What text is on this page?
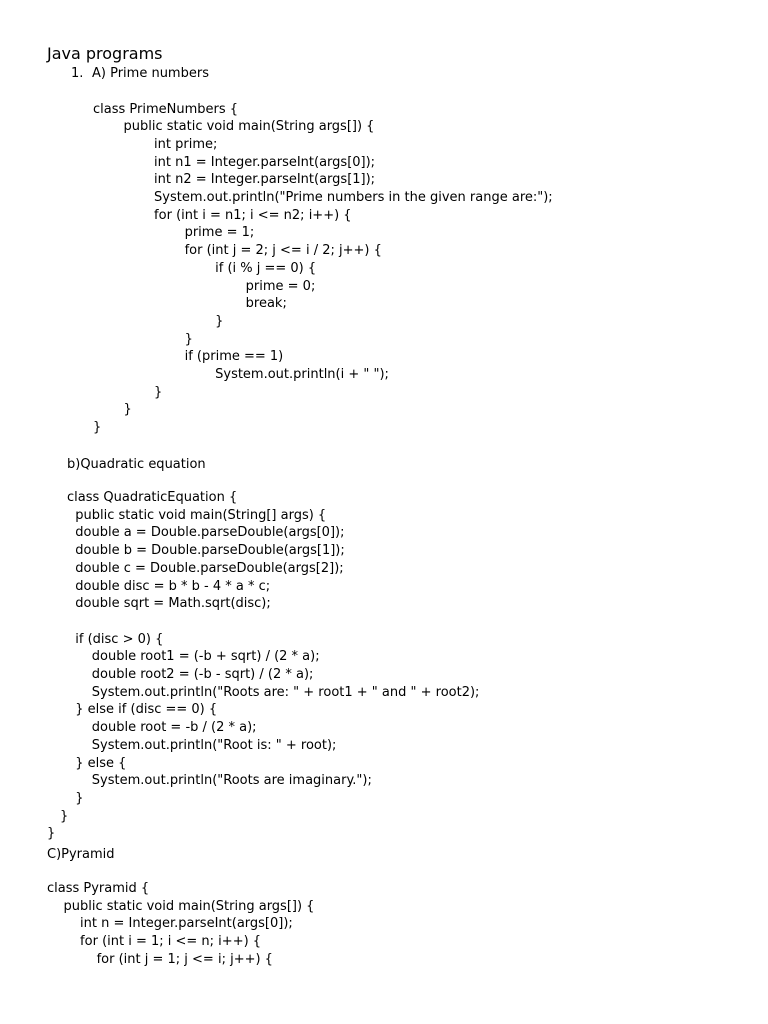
Java programs
1. A) Prime numbers
class PrimeNumbers {
public static void main(String args[]) {
int prime;
int n1 = Integer.parseInt(args[0]);
int n2 = Integer.parseInt(args[1]);
System.out.println("Prime numbers in the given range are:");
for (int i = n1; i <= n2; i++) {
prime = 1;
for (int j = 2; j <= i / 2; j++) {
if (i % j == 0) {
prime = 0;
break;
}
}
if (prime == 1)
System.out.println(i + " ");
}
}
}
b)Quadratic equation
class QuadraticEquation {
public static void main(String[] args) {
double a = Double.parseDouble(args[0]);
double b = Double.parseDouble(args[1]);
double c = Double.parseDouble(args[2]);
double disc = b * b - 4 * a * c;
double sqrt = Math.sqrt(disc);
if (disc > 0) {
double root1 = (-b + sqrt) / (2 * a);
double root2 = (-b - sqrt) / (2 * a);
System.out.println("Roots are: " + root1 + " and " + root2);
} else if (disc == 0) {
double root = -b / (2 * a);
System.out.println("Root is: " + root);
} else {
System.out.println("Roots are imaginary.");
}
}
}
C)Pyramid
class Pyramid {
public static void main(String args[]) {
int n = Integer.parseInt(args[0]);
for (int i = 1; i <= n; i++) {
for (int j = 1; j <= i; j++) {
